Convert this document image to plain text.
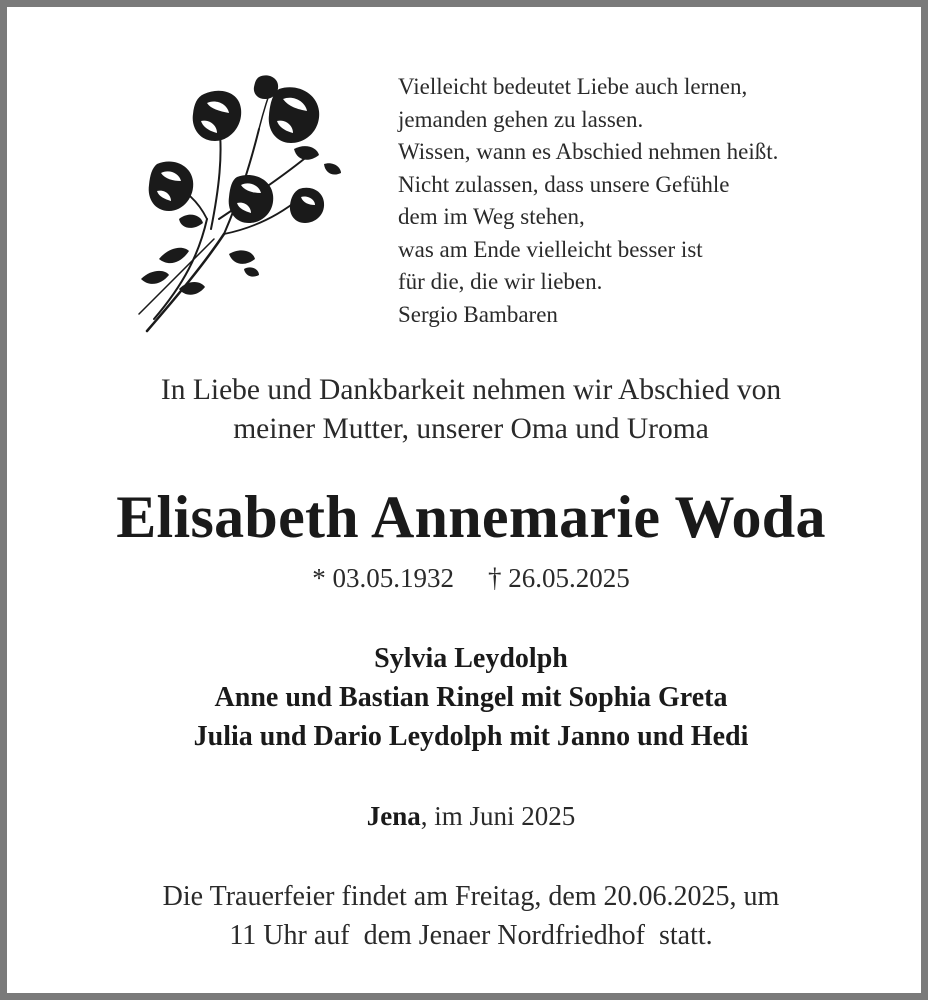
Vielleicht bedeutet Liebe auch lernen,
jemanden gehen zu lassen.
Wissen, wann es Abschied nehmen heißt.
Nicht zulassen, dass unsere Gefühle
dem im Weg stehen,
was am Ende vielleicht besser ist
für die, die wir lieben.
Sergio Bambaren
In Liebe und Dankbarkeit nehmen wir Abschied von
meiner Mutter, unserer Oma und Uroma
Elisabeth Annemarie Woda
* 03.05.1932 † 26.05.2025
Sylvia Leydolph
Anne und Bastian Ringel mit Sophia Greta
Julia und Dario Leydolph mit Janno und Hedi
Jena, im Juni 2025
Die Trauerfeier findet am Freitag, dem 20.06.2025, um
11 Uhr auf  dem Jenaer Nordfriedhof  statt.
